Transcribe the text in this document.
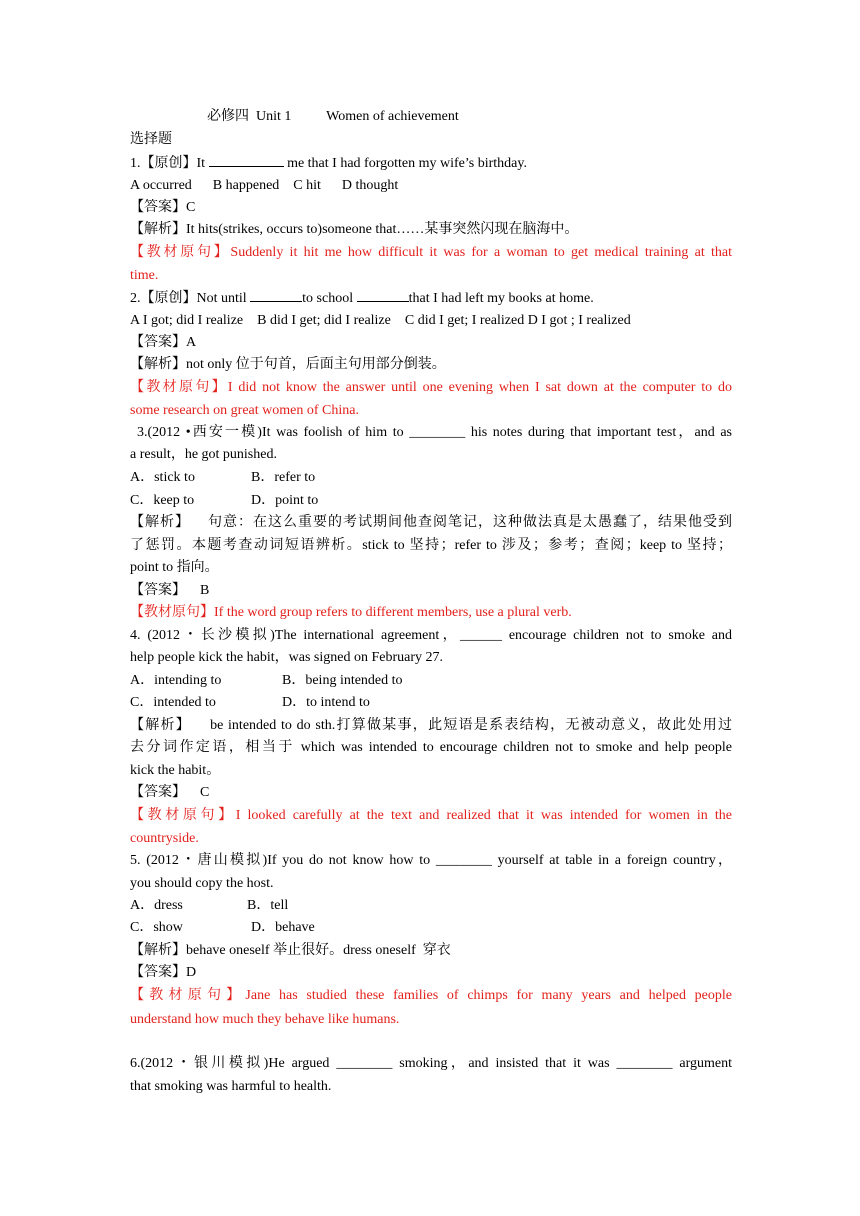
必修四  Unit 1          Women of achievement
选择题
1.【原创】It	me that I had forgotten my wife’s birthday.
A occurred      B happened    C hit      D thought
【答案】C
【解析】It hits(strikes, occurs to)someone that……某事突然闪现在脑海中。
【教材原句】Suddenly it hit me how difficult it was for a woman to get medical training at that
time.
2.【原创】Not until	to school	that I had left my books at home.
A I got; did I realize    B did I get; did I realize    C did I get; I realized D I got ; I realized
【答案】A
【解析】not only 位于句首，后面主句用部分倒装。
【教材原句】I did not know the answer until one evening when I sat down at the computer to do
some research on great women of China.
3.(2012 •西安一模)It was foolish of him to ________ his notes during that important test，and as
a result，he got punished.
A．stick to	B．refer to
C．keep to	D．point to
【解析】    句意：在这么重要的考试期间他查阅笔记，这种做法真是太愚蠢了，结果他受到
了惩罚。本题考查动词短语辨析。stick to 坚持；refer to 涉及；参考；查阅；keep to 坚持；
point to 指向。
【答案】    B
【教材原句】If the word group refers to different members, use a plural verb.
4. (2012・长沙模拟)The international agreement，______ encourage children not to smoke and
help people kick the habit，was signed on February 27.
A．intending to	B．being intended to
C．intended to	D．to intend to
【解析】    be intended to do sth.打算做某事，此短语是系表结构，无被动意义，故此处用过
去分词作定语，相当于 which was intended to encourage children not to smoke and help people
kick the habit。
【答案】    C
【教材原句】I looked carefully at the text and realized that it was intended for women in the
countryside.
5. (2012・唐山模拟)If you do not know how to ________ yourself at table in a foreign country，
you should copy the host.
A．dress	B．tell
C．show	D．behave
【解析】behave oneself 举止很好。dress oneself  穿衣
【答案】D
【教材原句】Jane has studied these families of chimps for many years and helped people
understand how much they behave like humans.
6.(2012・银川模拟)He argued ________ smoking，and insisted that it was ________ argument
that smoking was harmful to health.
